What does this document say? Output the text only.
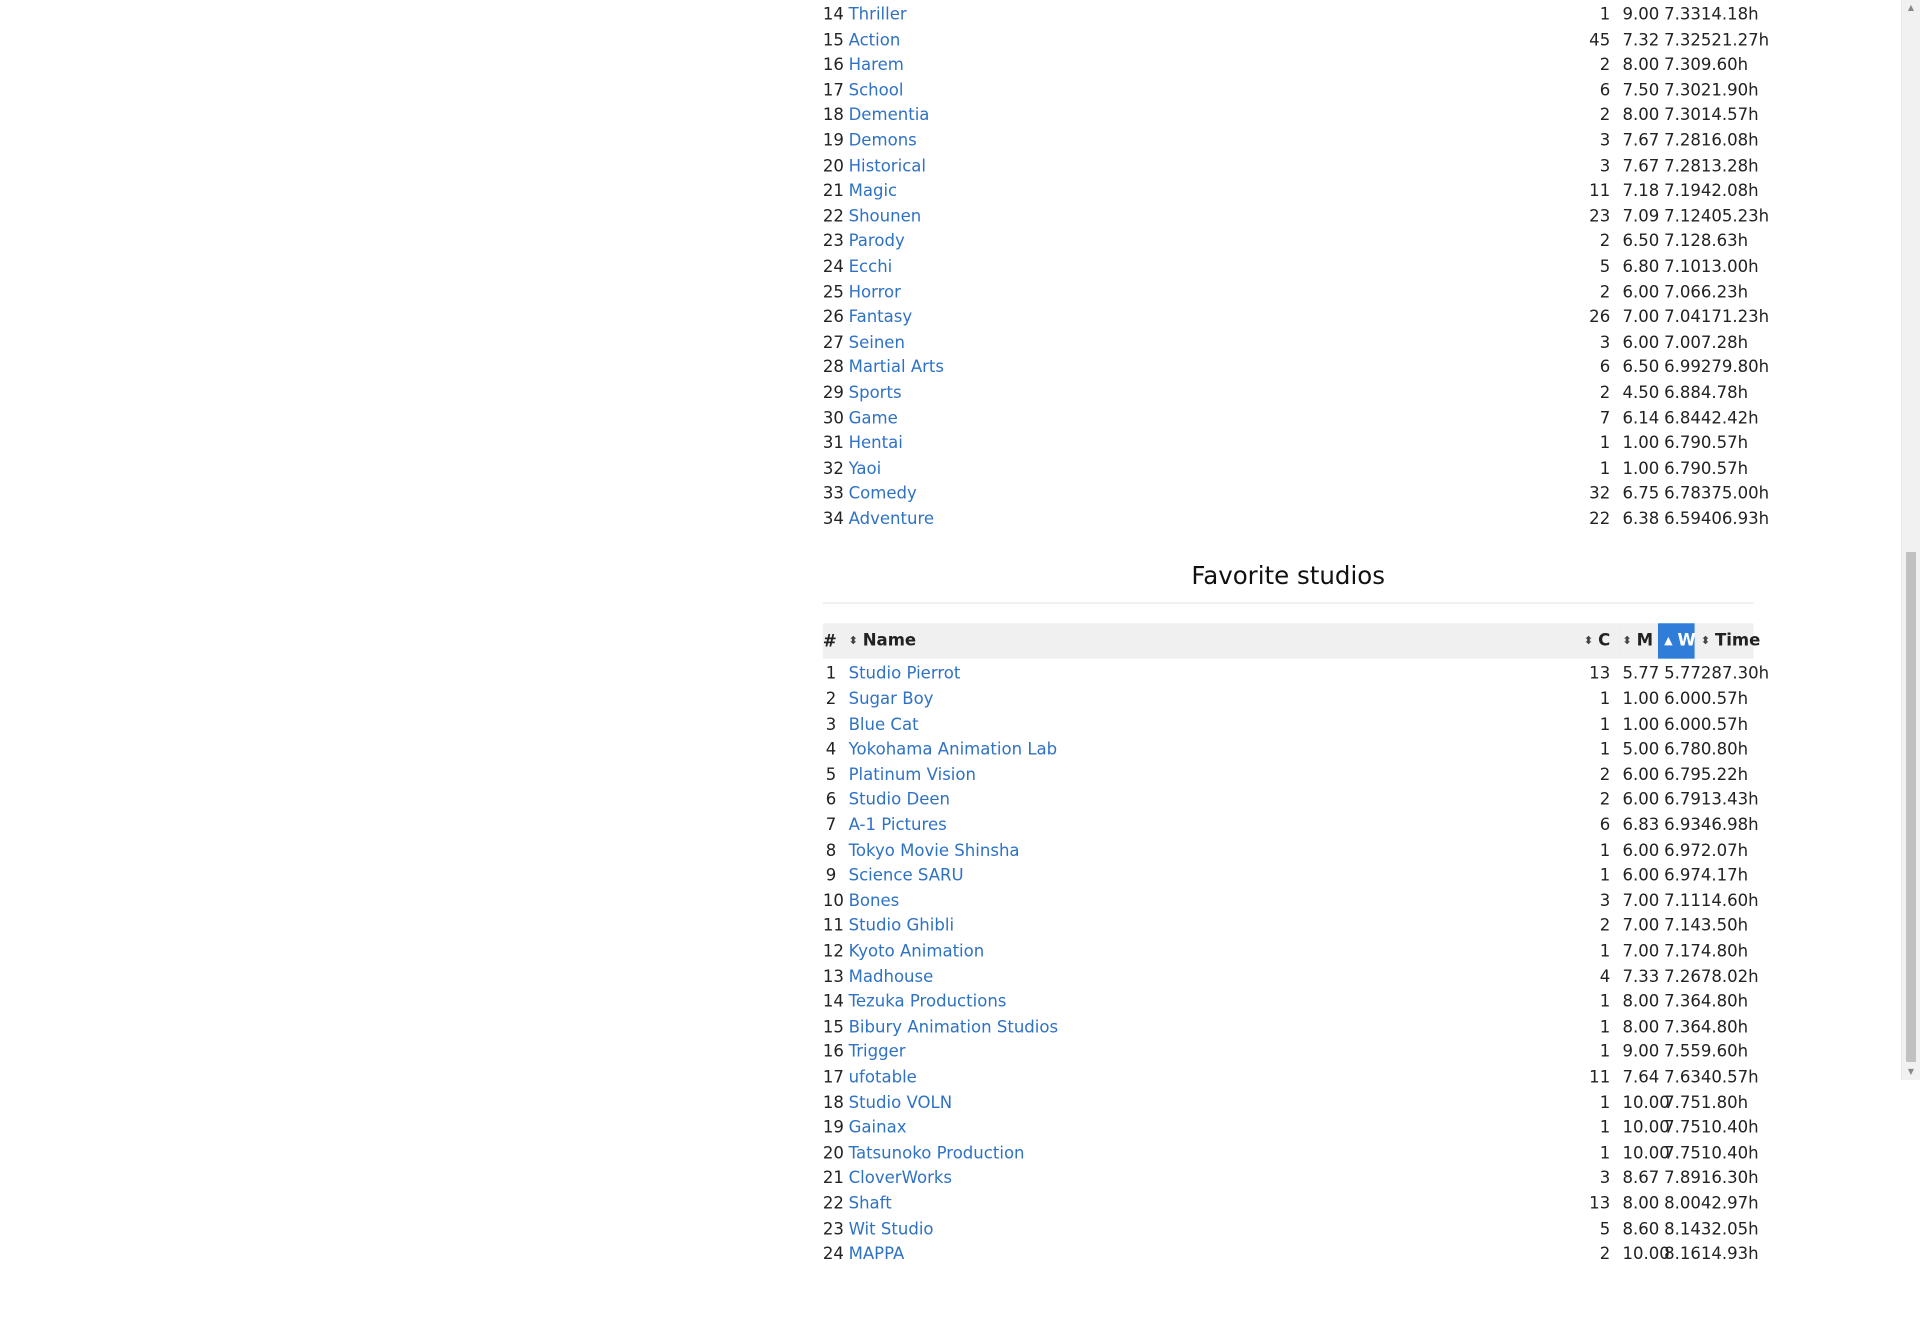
14	Thriller	1	9.00	7.33	14.18h
15	Action	45	7.32	7.32	521.27h
16	Harem	2	8.00	7.30	9.60h
17	School	6	7.50	7.30	21.90h
18	Dementia	2	8.00	7.30	14.57h
19	Demons	3	7.67	7.28	16.08h
20	Historical	3	7.67	7.28	13.28h
21	Magic	11	7.18	7.19	42.08h
22	Shounen	23	7.09	7.12	405.23h
23	Parody	2	6.50	7.12	8.63h
24	Ecchi	5	6.80	7.10	13.00h
25	Horror	2	6.00	7.06	6.23h
26	Fantasy	26	7.00	7.04	171.23h
27	Seinen	3	6.00	7.00	7.28h
28	Martial Arts	6	6.50	6.99	279.80h
29	Sports	2	4.50	6.88	4.78h
30	Game	7	6.14	6.84	42.42h
31	Hentai	1	1.00	6.79	0.57h
32	Yaoi	1	1.00	6.79	0.57h
33	Comedy	32	6.75	6.78	375.00h
34	Adventure	22	6.38	6.59	406.93h
Favorite studios
#	⬍ Name	⬍ C	⬍ M	▲ W	⬍ Time
1	Studio Pierrot	13	5.77	5.77	287.30h
2	Sugar Boy	1	1.00	6.00	0.57h
3	Blue Cat	1	1.00	6.00	0.57h
4	Yokohama Animation Lab	1	5.00	6.78	0.80h
5	Platinum Vision	2	6.00	6.79	5.22h
6	Studio Deen	2	6.00	6.79	13.43h
7	A-1 Pictures	6	6.83	6.93	46.98h
8	Tokyo Movie Shinsha	1	6.00	6.97	2.07h
9	Science SARU	1	6.00	6.97	4.17h
10	Bones	3	7.00	7.11	14.60h
11	Studio Ghibli	2	7.00	7.14	3.50h
12	Kyoto Animation	1	7.00	7.17	4.80h
13	Madhouse	4	7.33	7.26	78.02h
14	Tezuka Productions	1	8.00	7.36	4.80h
15	Bibury Animation Studios	1	8.00	7.36	4.80h
16	Trigger	1	9.00	7.55	9.60h
17	ufotable	11	7.64	7.63	40.57h
18	Studio VOLN	1	10.00	7.75	1.80h
19	Gainax	1	10.00	7.75	10.40h
20	Tatsunoko Production	1	10.00	7.75	10.40h
21	CloverWorks	3	8.67	7.89	16.30h
22	Shaft	13	8.00	8.00	42.97h
23	Wit Studio	5	8.60	8.14	32.05h
24	MAPPA	2	10.00	8.16	14.93h
▲
▼
